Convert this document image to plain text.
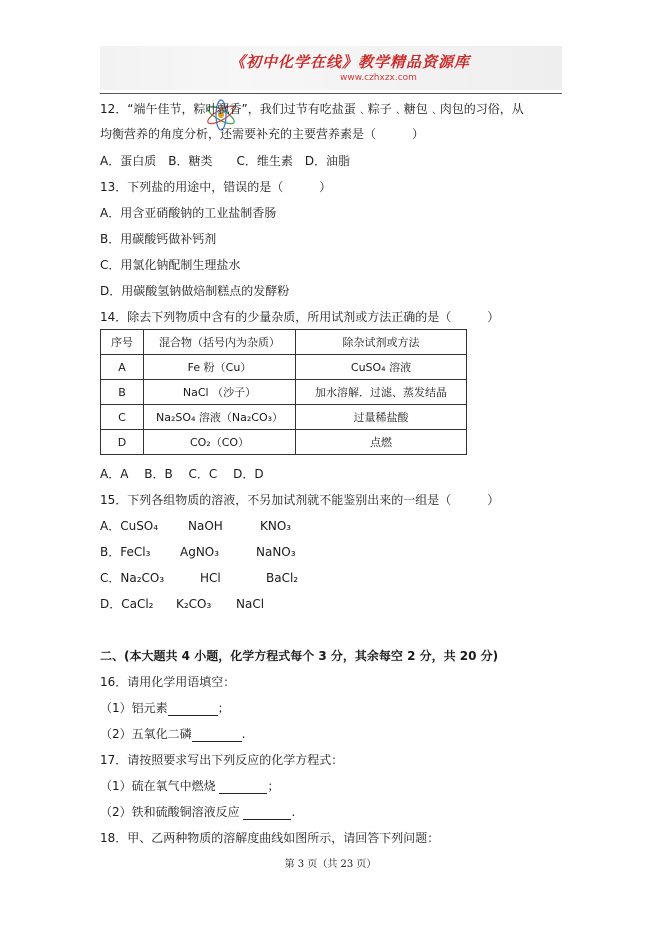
《初中化学在线》教学精品资源库
www.czhxzx.com
12．“端午佳节，粽叶飘香”，我们过节有吃盐蛋﹑粽子﹑糖包﹑肉包的习俗，从
均衡营养的角度分析，还需要补充的主要营养素是（　　　）
A．蛋白质　B．糖类　　C．维生素　D．油脂
13．下列盐的用途中，错误的是（　　　）
A．用含亚硝酸钠的工业盐制香肠
B．用碳酸钙做补钙剂
C．用氯化钠配制生理盐水
D．用碳酸氢钠做焙制糕点的发酵粉
14．除去下列物质中含有的少量杂质，所用试剂或方法正确的是（　　　）
序号	混合物（括号内为杂质）	除杂试剂或方法
A	Fe 粉（Cu）	CuSO₄ 溶液
B	NaCl （沙子）	加水溶解．过滤、蒸发结晶
C	Na₂SO₄ 溶液（Na₂CO₃）	过量稀盐酸
D	CO₂（CO）	点燃
A．A　 B．B　 C．C　 D．D
15．下列各组物质的溶液，不另加试剂就不能鉴别出来的一组是（　　　）
A．CuSO₄ NaOH	KNO₃
B．FeCl₃ AgNO₃	NaNO₃
C．Na₂CO₃	HCl	BaCl₂
D．CaCl₂ K₂CO₃ NaCl
二、(本大题共 4 小题，化学方程式每个 3 分，其余每空 2 分，共 20 分)
16．请用化学用语填空：
（1）铝元素	；
（2）五氧化二磷	.
17．请按照要求写出下列反应的化学方程式：
（1）硫在氧气中燃烧	；
（2）铁和硫酸铜溶液反应	.
18．甲、乙两种物质的溶解度曲线如图所示，请回答下列问题：
第 3 页（共 23 页）
